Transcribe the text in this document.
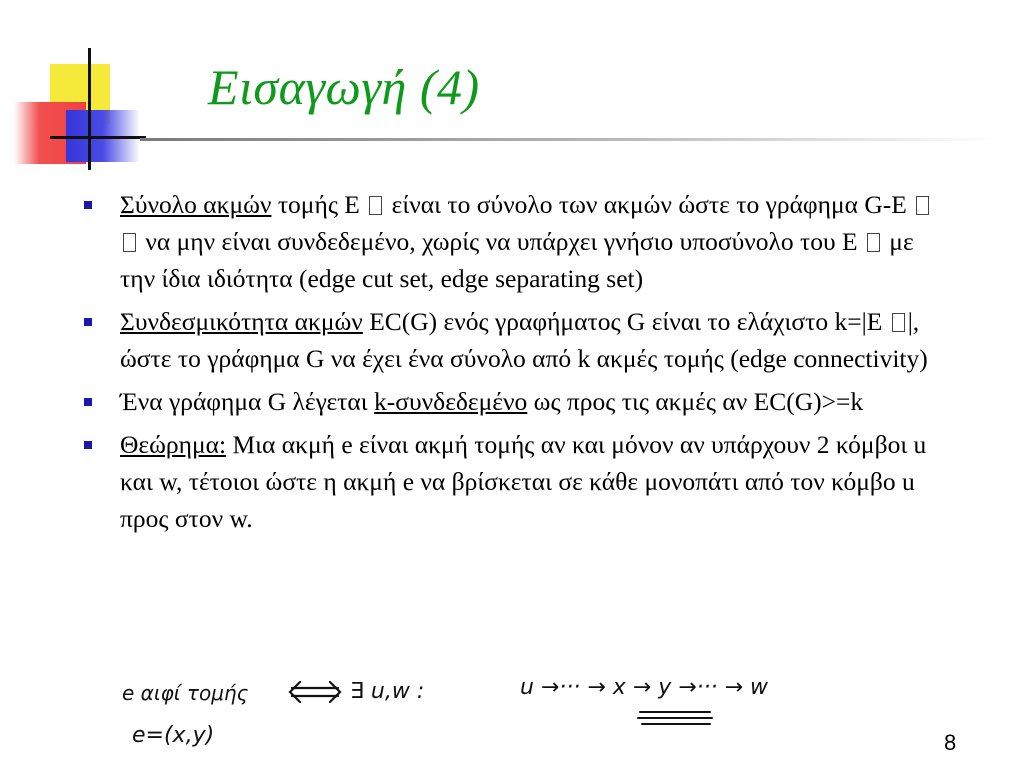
Εισαγωγή (4)
Σύνολο ακμών τομής E  είναι το σύνολο των ακμών ώστε το γράφημα G-E  να μην είναι συνδεδεμένο, χωρίς να υπάρχει γνήσιο υποσύνολο του E  με την ίδια ιδιότητα (edge cut set, edge separating set)
Συνδεσμικότητα ακμών EC(G) ενός γραφήματος G είναι το ελάχιστο k=|E |, ώστε το γράφημα G να έχει ένα σύνολο από k ακμές τομής (edge connectivity)
Ένα γράφημα G λέγεται k-συνδεδεμένο ως προς τις ακμές αν EC(G)>=k
Θεώρημα: Μια ακμή e είναι ακμή τομής αν και μόνον αν υπάρχουν 2 κόμβοι u και w, τέτοιοι ώστε η ακμή e να βρίσκεται σε κάθε μονοπάτι από τον κόμβο u προς στον w.
e αιφί τομής	∃ u,w :	u →··· → x → y →··· → w
e=(x,y)	8
